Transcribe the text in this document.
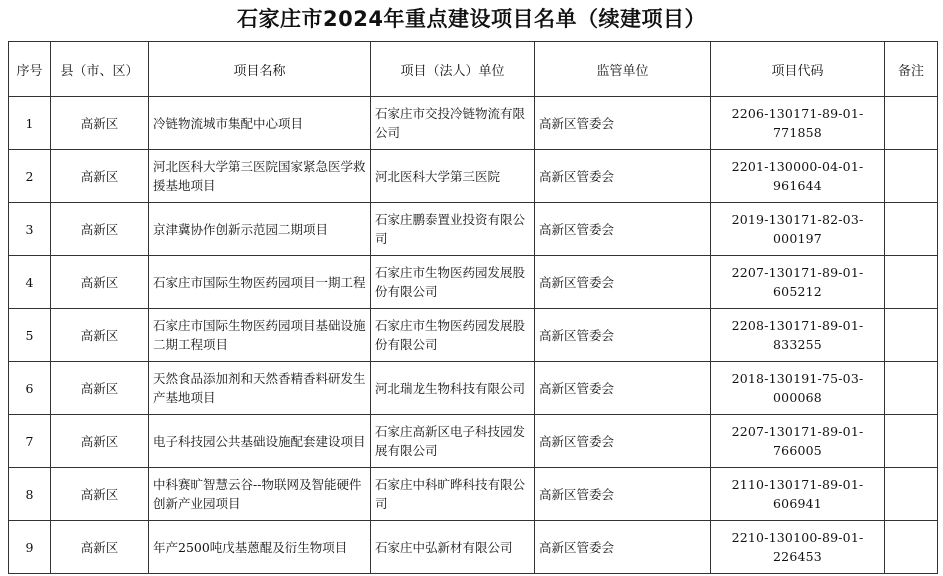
石家庄市2024年重点建设项目名单（续建项目）
序号	县（市、区）	项目名称	项目（法人）单位	监管单位	项目代码	备注
1	高新区	冷链物流城市集配中心项目	石家庄市交投冷链物流有限公司	高新区管委会	2206-130171-89-01-771858	
2	高新区	河北医科大学第三医院国家紧急医学救援基地项目	河北医科大学第三医院	高新区管委会	2201-130000-04-01-961644	
3	高新区	京津冀协作创新示范园二期项目	石家庄鹏泰置业投资有限公司	高新区管委会	2019-130171-82-03-000197	
4	高新区	石家庄市国际生物医药园项目一期工程	石家庄市生物医药园发展股份有限公司	高新区管委会	2207-130171-89-01-605212	
5	高新区	石家庄市国际生物医药园项目基础设施二期工程项目	石家庄市生物医药园发展股份有限公司	高新区管委会	2208-130171-89-01-833255	
6	高新区	天然食品添加剂和天然香精香料研发生产基地项目	河北瑞龙生物科技有限公司	高新区管委会	2018-130191-75-03-000068	
7	高新区	电子科技园公共基础设施配套建设项目	石家庄高新区电子科技园发展有限公司	高新区管委会	2207-130171-89-01-766005	
8	高新区	中科赛旷智慧云谷--物联网及智能硬件创新产业园项目	石家庄中科旷晔科技有限公司	高新区管委会	2110-130171-89-01-606941	
9	高新区	年产2500吨戊基蒽醌及衍生物项目	石家庄中弘新材有限公司	高新区管委会	2210-130100-89-01-226453	
